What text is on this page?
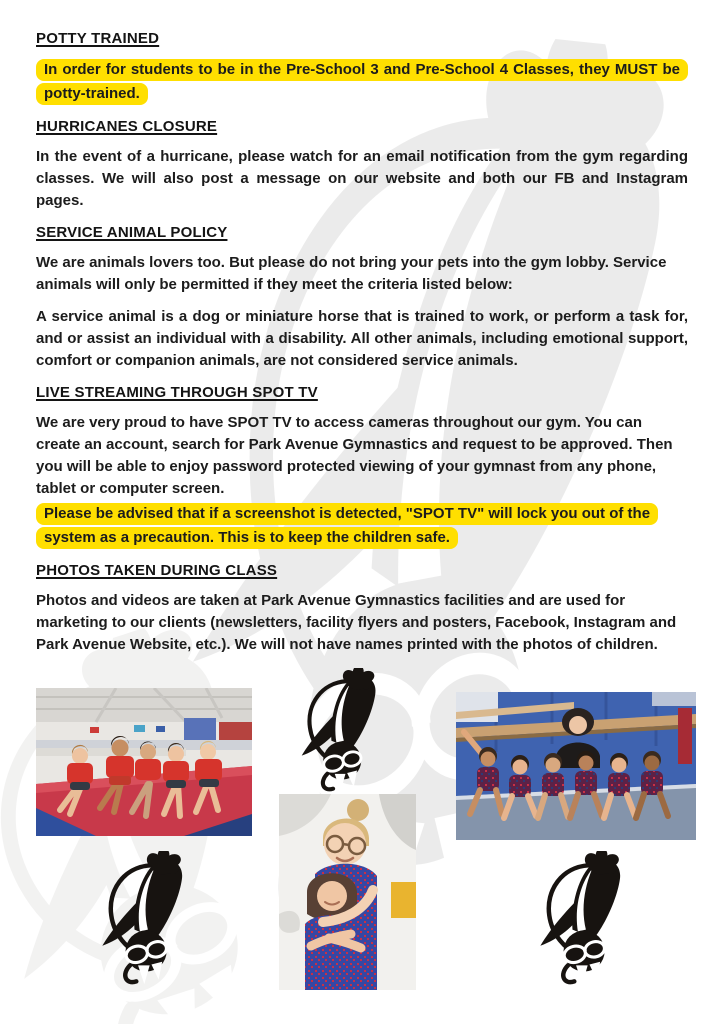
POTTY TRAINED

In order for students to be in the Pre-School 3 and Pre-School 4 Classes, they MUST be potty-trained.

HURRICANES CLOSURE

In the event of a hurricane, please watch for an email notification from the gym regarding classes. We will also post a message on our website and both our FB and Instagram pages.

SERVICE ANIMAL POLICY

We are animals lovers too. But please do not bring your pets into the gym lobby. Service animals will only be permitted if they meet the criteria listed below:

A service animal is a dog or miniature horse that is trained to work, or perform a task for, and or assist an individual with a disability. All other animals, including emotional support, comfort or companion animals, are not considered service animals.

LIVE STREAMING THROUGH SPOT TV

We are very proud to have SPOT TV to access cameras throughout our gym. You can create an account, search for Park Avenue Gymnastics and request to be approved. Then you will be able to enjoy password protected viewing of your gymnast from any phone, tablet or computer screen.

Please be advised that if a screenshot is detected, "SPOT TV" will lock you out of the system as a precaution. This is to keep the children safe.

PHOTOS TAKEN DURING CLASS

Photos and videos are taken at Park Avenue Gymnastics facilities and are used for marketing to our clients (newsletters, facility flyers and posters, Facebook, Instagram and Park Avenue Website, etc.). We will not have names printed with the photos of children.
